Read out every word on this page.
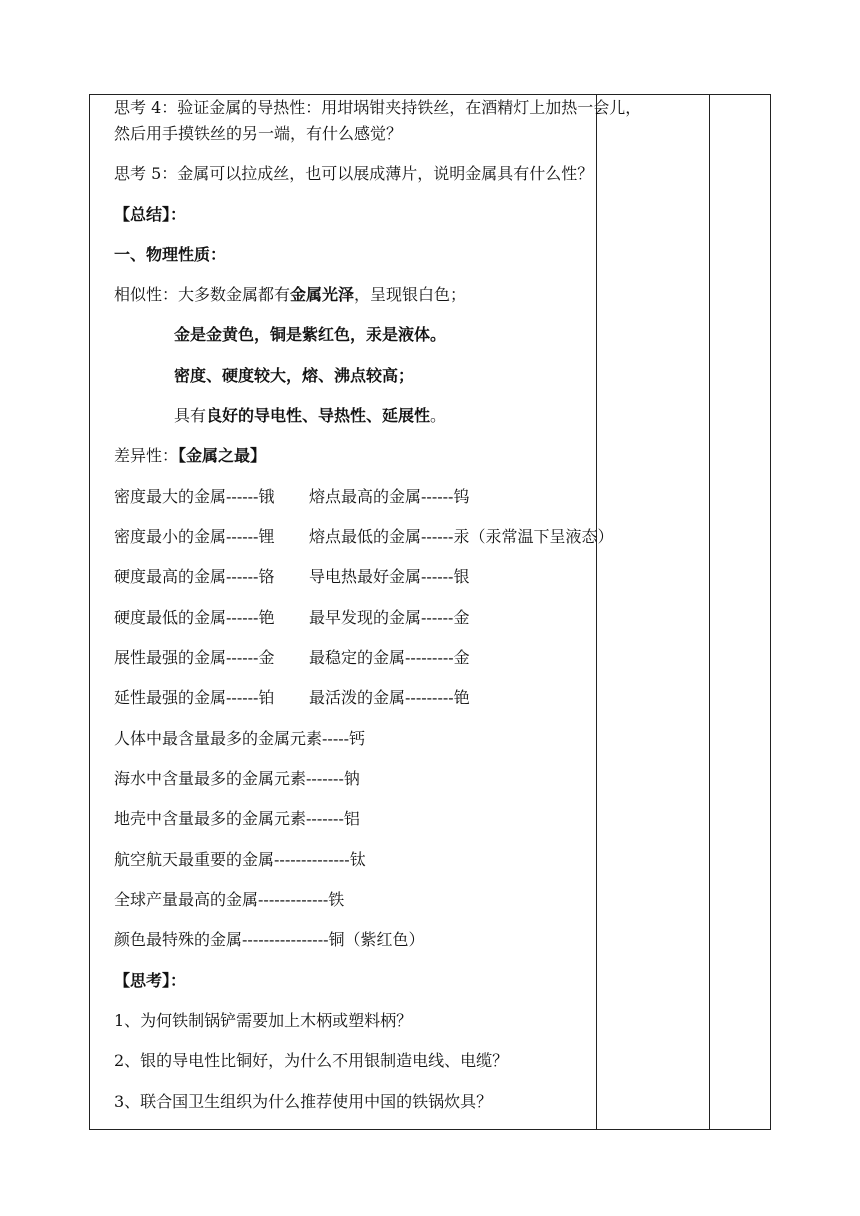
思考 4：验证金属的导热性：用坩埚钳夹持铁丝，在酒精灯上加热一会儿，
然后用手摸铁丝的另一端，有什么感觉？
思考 5：金属可以拉成丝，也可以展成薄片，说明金属具有什么性？
【总结】：
一、物理性质：
相似性：大多数金属都有金属光泽，呈现银白色；
金是金黄色，铜是紫红色，汞是液体。
密度、硬度较大，熔、沸点较高；
具有良好的导电性、导热性、延展性。
差异性：【金属之最】
密度最大的金属------锇 熔点最高的金属------钨
密度最小的金属------锂 熔点最低的金属------汞（汞常温下呈液态）
硬度最高的金属------铬 导电热最好金属------银
硬度最低的金属------铯 最早发现的金属------金
展性最强的金属------金 最稳定的金属---------金
延性最强的金属------铂 最活泼的金属---------铯
人体中最含量最多的金属元素-----钙
海水中含量最多的金属元素-------钠
地壳中含量最多的金属元素-------铝
航空航天最重要的金属--------------钛
全球产量最高的金属-------------铁
颜色最特殊的金属----------------铜（紫红色）
【思考】：
1、为何铁制锅铲需要加上木柄或塑料柄？
2、银的导电性比铜好，为什么不用银制造电线、电缆？
3、联合国卫生组织为什么推荐使用中国的铁锅炊具？
